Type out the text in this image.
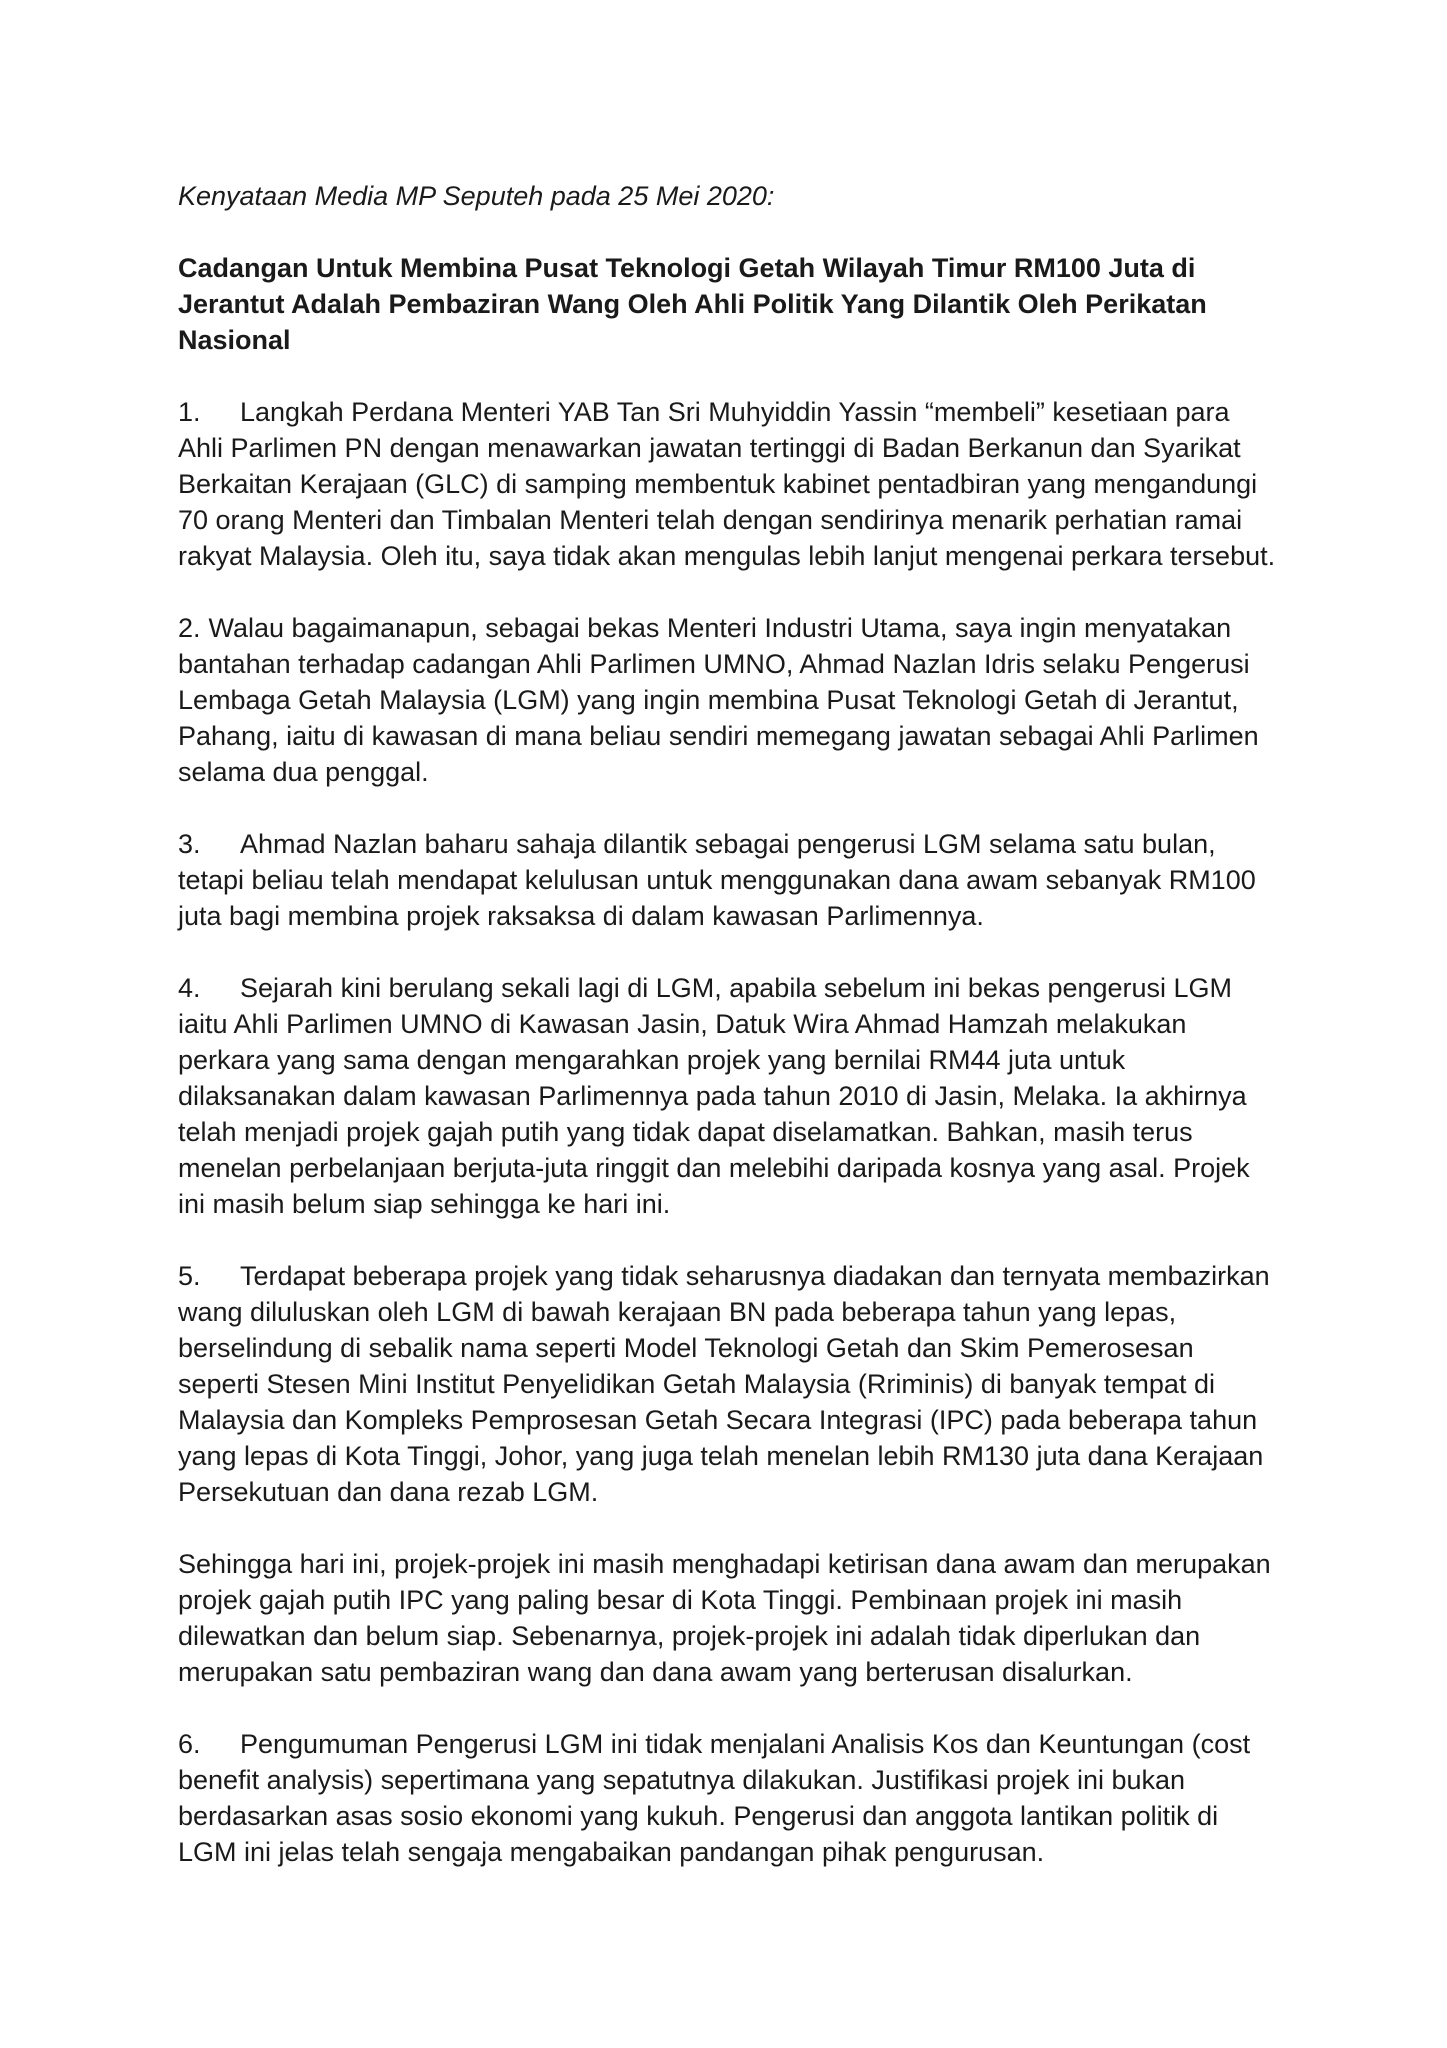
Kenyataan Media MP Seputeh pada 25 Mei 2020:

Cadangan Untuk Membina Pusat Teknologi Getah Wilayah Timur RM100 Juta di Jerantut Adalah Pembaziran Wang Oleh Ahli Politik Yang Dilantik Oleh Perikatan Nasional

1. Langkah Perdana Menteri YAB Tan Sri Muhyiddin Yassin “membeli” kesetiaan para Ahli Parlimen PN dengan menawarkan jawatan tertinggi di Badan Berkanun dan Syarikat Berkaitan Kerajaan (GLC) di samping membentuk kabinet pentadbiran yang mengandungi 70 orang Menteri dan Timbalan Menteri telah dengan sendirinya menarik perhatian ramai rakyat Malaysia. Oleh itu, saya tidak akan mengulas lebih lanjut mengenai perkara tersebut.

2. Walau bagaimanapun, sebagai bekas Menteri Industri Utama, saya ingin menyatakan bantahan terhadap cadangan Ahli Parlimen UMNO, Ahmad Nazlan Idris selaku Pengerusi Lembaga Getah Malaysia (LGM) yang ingin membina Pusat Teknologi Getah di Jerantut, Pahang, iaitu di kawasan di mana beliau sendiri memegang jawatan sebagai Ahli Parlimen selama dua penggal.

3. Ahmad Nazlan baharu sahaja dilantik sebagai pengerusi LGM selama satu bulan, tetapi beliau telah mendapat kelulusan untuk menggunakan dana awam sebanyak RM100 juta bagi membina projek raksaksa di dalam kawasan Parlimennya.

4. Sejarah kini berulang sekali lagi di LGM, apabila sebelum ini bekas pengerusi LGM iaitu Ahli Parlimen UMNO di Kawasan Jasin, Datuk Wira Ahmad Hamzah melakukan perkara yang sama dengan mengarahkan projek yang bernilai RM44 juta untuk dilaksanakan dalam kawasan Parlimennya pada tahun 2010 di Jasin, Melaka. Ia akhirnya telah menjadi projek gajah putih yang tidak dapat diselamatkan. Bahkan, masih terus menelan perbelanjaan berjuta-juta ringgit dan melebihi daripada kosnya yang asal. Projek ini masih belum siap sehingga ke hari ini.

5. Terdapat beberapa projek yang tidak seharusnya diadakan dan ternyata membazirkan wang diluluskan oleh LGM di bawah kerajaan BN pada beberapa tahun yang lepas, berselindung di sebalik nama seperti Model Teknologi Getah dan Skim Pemerosesan seperti Stesen Mini Institut Penyelidikan Getah Malaysia (Rriminis) di banyak tempat di Malaysia dan Kompleks Pemprosesan Getah Secara Integrasi (IPC) pada beberapa tahun yang lepas di Kota Tinggi, Johor, yang juga telah menelan lebih RM130 juta dana Kerajaan Persekutuan dan dana rezab LGM.

Sehingga hari ini, projek-projek ini masih menghadapi ketirisan dana awam dan merupakan projek gajah putih IPC yang paling besar di Kota Tinggi. Pembinaan projek ini masih dilewatkan dan belum siap. Sebenarnya, projek-projek ini adalah tidak diperlukan dan merupakan satu pembaziran wang dan dana awam yang berterusan disalurkan.

6. Pengumuman Pengerusi LGM ini tidak menjalani Analisis Kos dan Keuntungan (cost benefit analysis) sepertimana yang sepatutnya dilakukan. Justifikasi projek ini bukan berdasarkan asas sosio ekonomi yang kukuh. Pengerusi dan anggota lantikan politik di LGM ini jelas telah sengaja mengabaikan pandangan pihak pengurusan.
